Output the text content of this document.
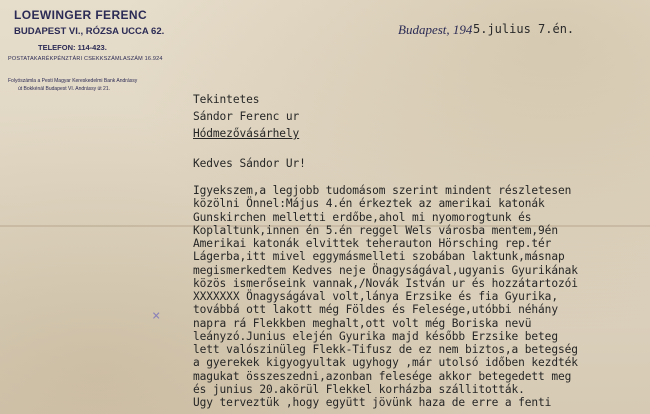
LOEWINGER FERENC
BUDAPEST VI., RÓZSA UCCA 62.
TELEFON: 114-423.
POSTATAKARÉKPÉNZTÁRI CSEKKSZÁMLASZÁM 16.924
Folyószámla a Pesti Magyar Kereskedelmi Bank Andrássy
út Bokkénál Budapest VI. Andrássy út 21.
Budapest, 194 5.julius 7.én.
Tekintetes
Sándor Ferenc ur
Hódmezővásárhely
Kedves Sándor Ur!
Igyekszem,a legjobb tudomásom szerint mindent részletesen
közölni Önnel:Május 4.én érkeztek az amerikai katonák
Gunskirchen melletti erdőbe,ahol mi nyomorogtunk és
Koplaltunk,innen én 5.én reggel Wels városba mentem,9én
Amerikai katonák elvittek teherauton Hörsching rep.tér
Lágerba,itt mivel eggymásmelleti szobában laktunk,másnap
megismerkedtem Kedves neje Önagyságával,ugyanis Gyurikának
közös ismerőseink vannak,/Novák István ur és hozzátartozói
XXXXXXX Önagyságával volt,lánya Erzsike és fia Gyurika,
továbbá ott lakott még Földes és Felesége,utóbbi néhány
napra rá Flekkben meghalt,ott volt még Boriska nevü
leányzó.Junius elején Gyurika majd később Erzsike beteg
lett valószinüleg Flekk-Tifusz de ez nem biztos,a betegség
a gyerekek kigyogyultak ugyhogy ,már utolsó időben kezdték
magukat összeszedni,azonban felesége akkor betegedett meg
és junius 20.akörül Flekkel korházba szállitották.
Ugy terveztük ,hogy együtt jövünk haza de erre a fenti
×
